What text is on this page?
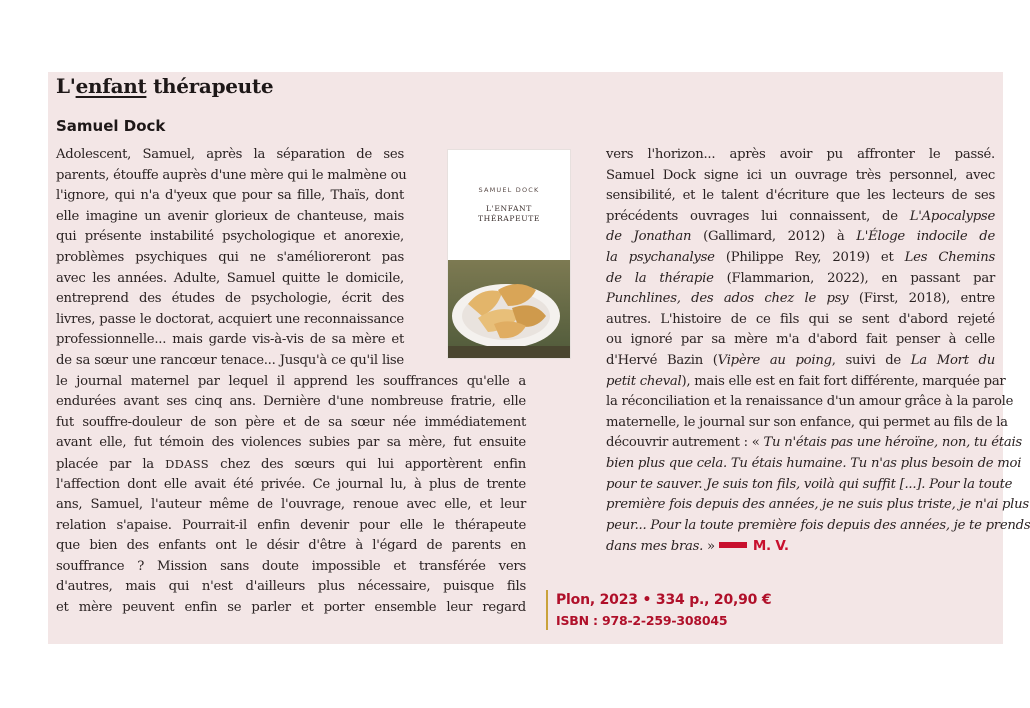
L'enfant thérapeute
Samuel Dock
SAMUEL DOCK
L'ENFANT
THÉRAPEUTE
Adolescent, Samuel, après la séparation de ses
parents, étouffe auprès d'une mère qui le malmène ou
l'ignore, qui n'a d'yeux que pour sa fille, Thaïs, dont
elle imagine un avenir glorieux de chanteuse, mais
qui présente instabilité psychologique et anorexie,
problèmes psychiques qui ne s'amélioreront pas
avec les années. Adulte, Samuel quitte le domicile,
entreprend des études de psychologie, écrit des
livres, passe le doctorat, acquiert une reconnaissance
professionnelle... mais garde vis-à-vis de sa mère et
de sa sœur une rancœur tenace... Jusqu'à ce qu'il lise
le journal maternel par lequel il apprend les souffrances qu'elle a
endurées avant ses cinq ans. Dernière d'une nombreuse fratrie, elle
fut souffre-douleur de son père et de sa sœur née immédiatement
avant elle, fut témoin des violences subies par sa mère, fut ensuite
placée par la DDASS chez des sœurs qui lui apportèrent enfin
l'affection dont elle avait été privée. Ce journal lu, à plus de trente
ans, Samuel, l'auteur même de l'ouvrage, renoue avec elle, et leur
relation s'apaise. Pourrait-il enfin devenir pour elle le thérapeute
que bien des enfants ont le désir d'être à l'égard de parents en
souffrance ? Mission sans doute impossible et transférée vers
d'autres, mais qui n'est d'ailleurs plus nécessaire, puisque fils
et mère peuvent enfin se parler et porter ensemble leur regard
vers l'horizon... après avoir pu affronter le passé.
Samuel Dock signe ici un ouvrage très personnel, avec
sensibilité, et le talent d'écriture que les lecteurs de ses
précédents ouvrages lui connaissent, de L'Apocalypse
de Jonathan (Gallimard, 2012) à L'Éloge indocile de
la psychanalyse (Philippe Rey, 2019) et Les Chemins
de la thérapie (Flammarion, 2022), en passant par
Punchlines, des ados chez le psy (First, 2018), entre
autres. L'histoire de ce fils qui se sent d'abord rejeté
ou ignoré par sa mère m'a d'abord fait penser à celle
d'Hervé Bazin (Vipère au poing, suivi de La Mort du
petit cheval), mais elle est en fait fort différente, marquée par
la réconciliation et la renaissance d'un amour grâce à la parole
maternelle, le journal sur son enfance, qui permet au fils de la
découvrir autrement : « Tu n'étais pas une héroïne, non, tu étais
bien plus que cela. Tu étais humaine. Tu n'as plus besoin de moi
pour te sauver. Je suis ton fils, voilà qui suffit [...]. Pour la toute
première fois depuis des années, je ne suis plus triste, je n'ai plus
peur... Pour la toute première fois depuis des années, je te prends
dans mes bras. »	M. V.
Plon, 2023 • 334 p., 20,90 €
ISBN : 978-2-259-308045
